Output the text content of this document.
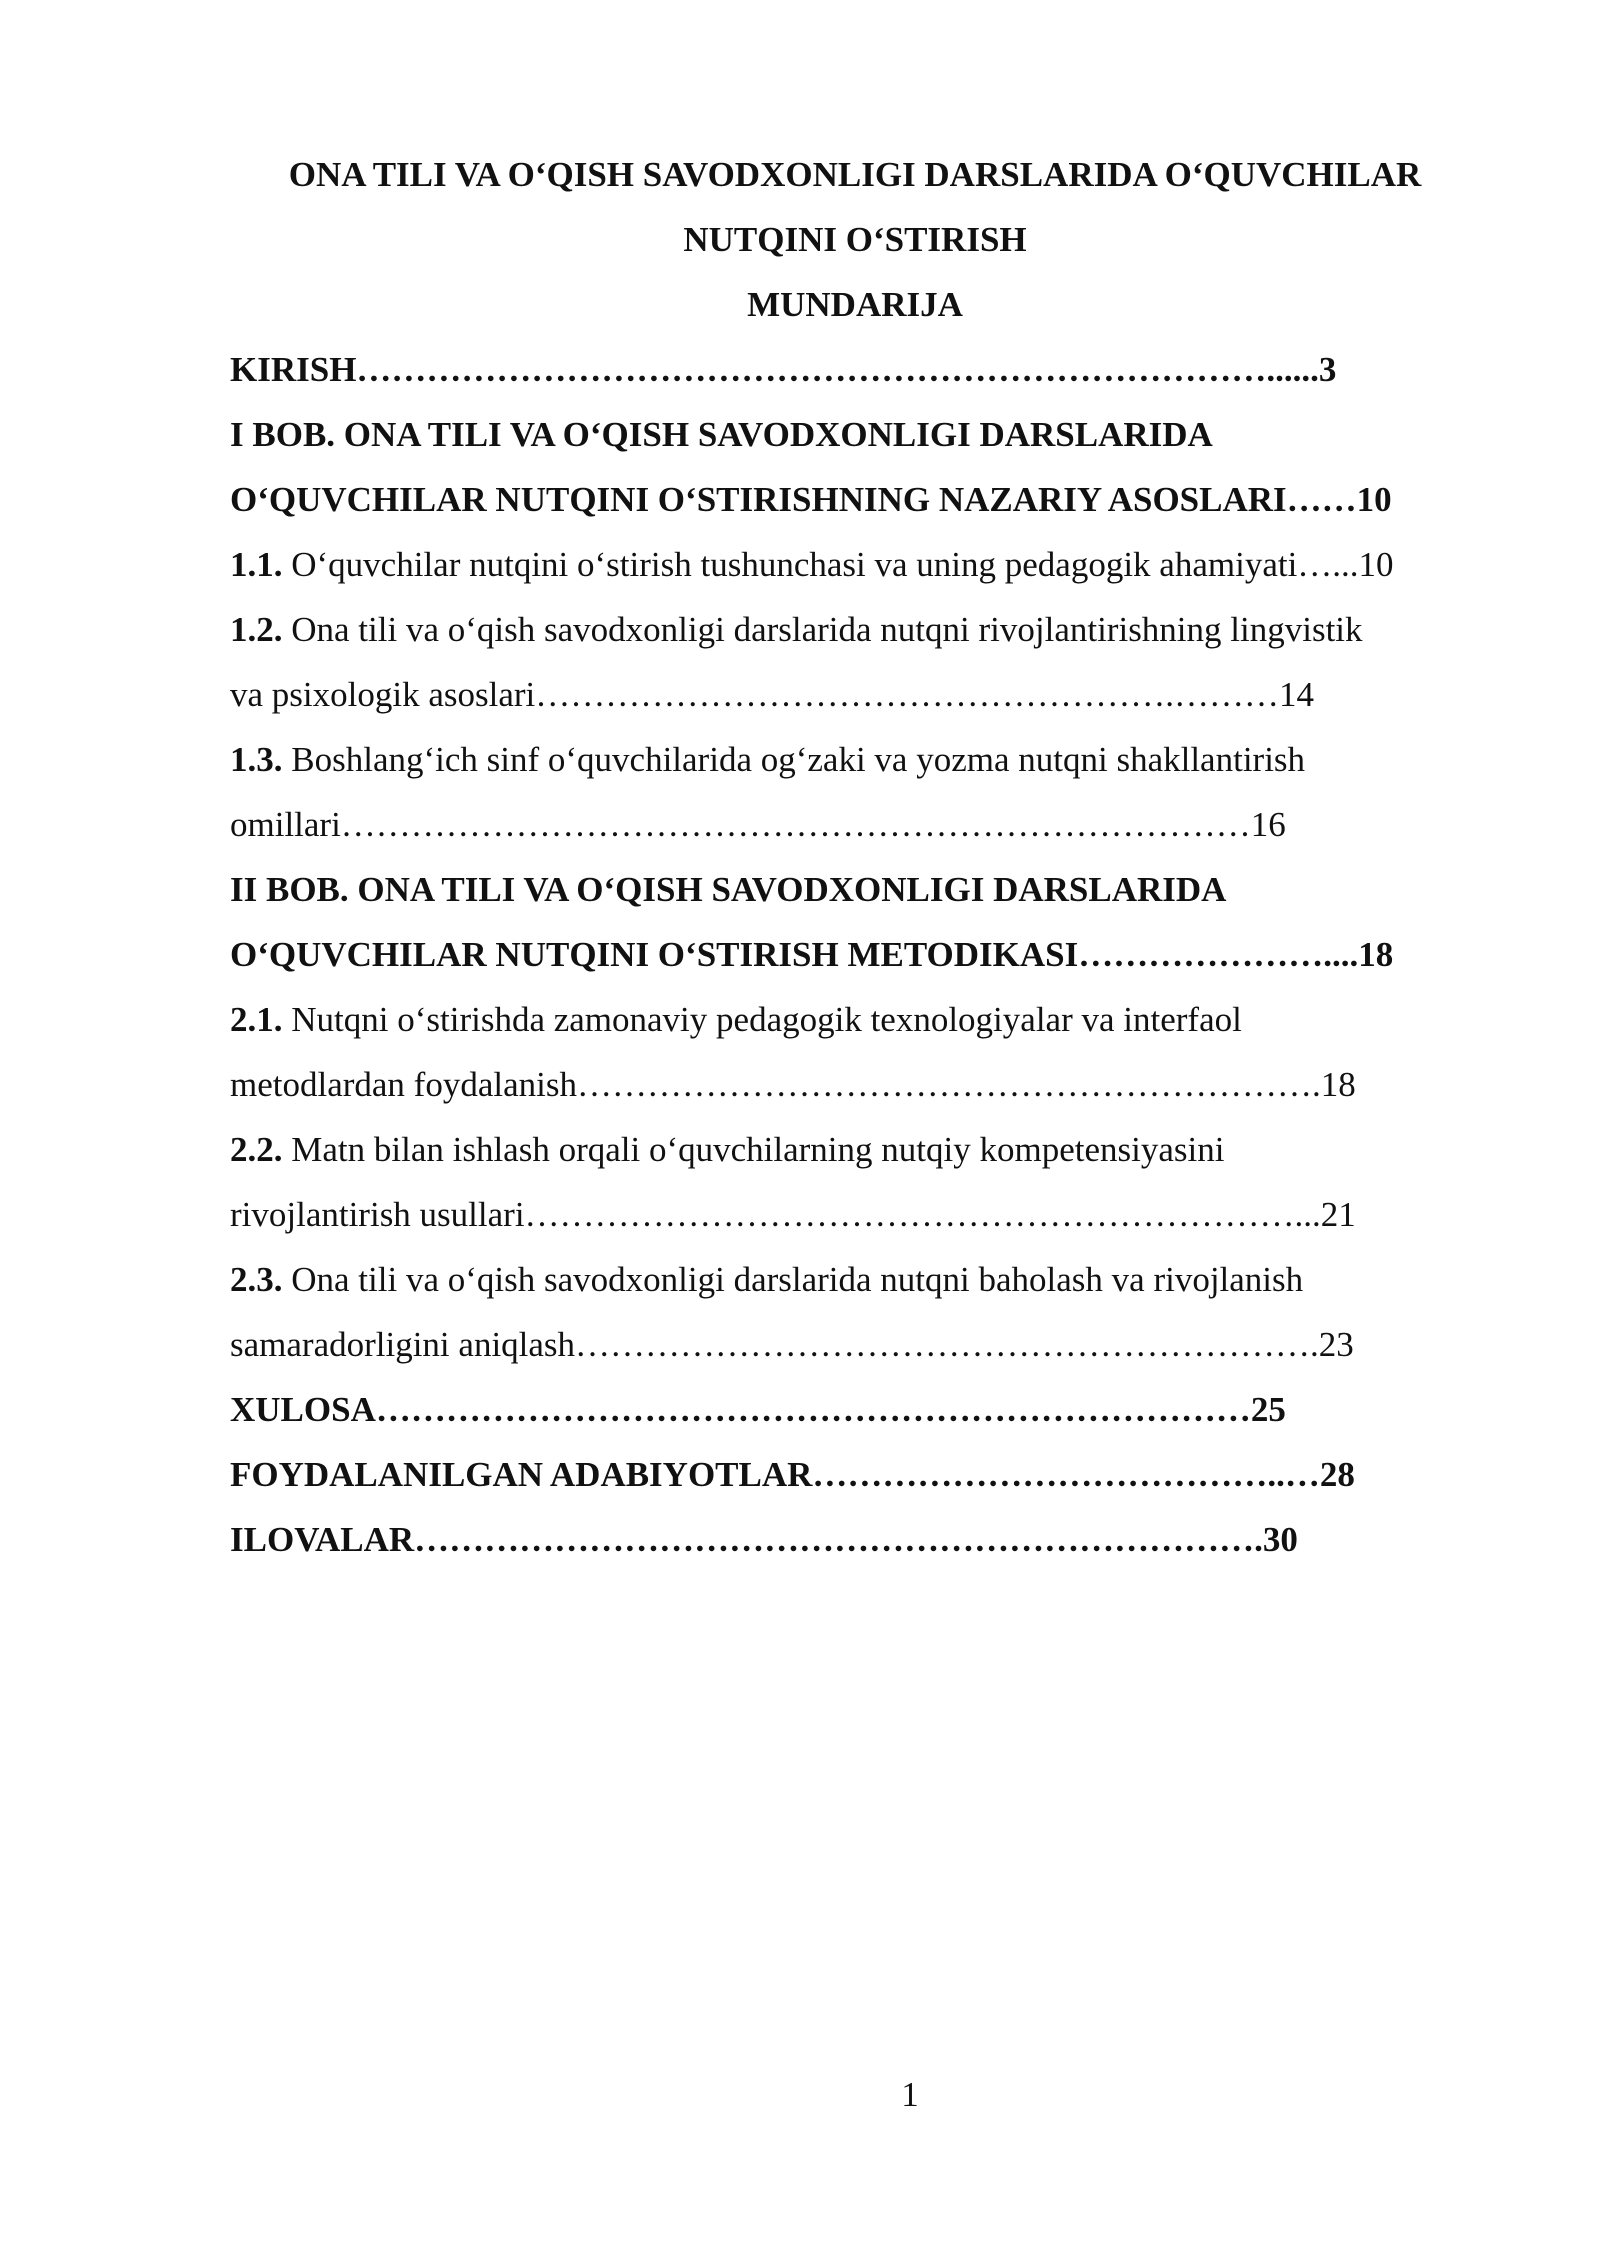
ONA TILI VA O‘QISH SAVODXONLIGI DARSLARIDA O‘QUVCHILAR
NUTQINI O‘STIRISH
MUNDARIJA
KIRISH……………………………………………………………………......3
I BOB. ONA TILI VA O‘QISH SAVODXONLIGI DARSLARIDA
O‘QUVCHILAR NUTQINI O‘STIRISHNING NAZARIY ASOSLARI……10
1.1. O‘quvchilar nutqini o‘stirish tushunchasi va uning pedagogik ahamiyati…...10
1.2. Ona tili va o‘qish savodxonligi darslarida nutqni rivojlantirishning lingvistik
va psixologik asoslari……………………………………………….………14
1.3. Boshlang‘ich sinf o‘quvchilarida og‘zaki va yozma nutqni shakllantirish
omillari……………………………………………………………………16
II BOB. ONA TILI VA O‘QISH SAVODXONLIGI DARSLARIDA
O‘QUVCHILAR NUTQINI O‘STIRISH METODIKASI…………………....18
2.1. Nutqni o‘stirishda zamonaviy pedagogik texnologiyalar va interfaol
metodlardan foydalanish……………………………………………………….18
2.2. Matn bilan ishlash orqali o‘quvchilarning nutqiy kompetensiyasini
rivojlantirish usullari…………………………………………………………...21
2.3. Ona tili va o‘qish savodxonligi darslarida nutqni baholash va rivojlanish
samaradorligini aniqlash……………………………………………………….23
XULOSA…………………………………………………………………25
FOYDALANILGAN ADABIYOTLAR…………………………………..…28
ILOVALAR……………………………………………………………….30
1
